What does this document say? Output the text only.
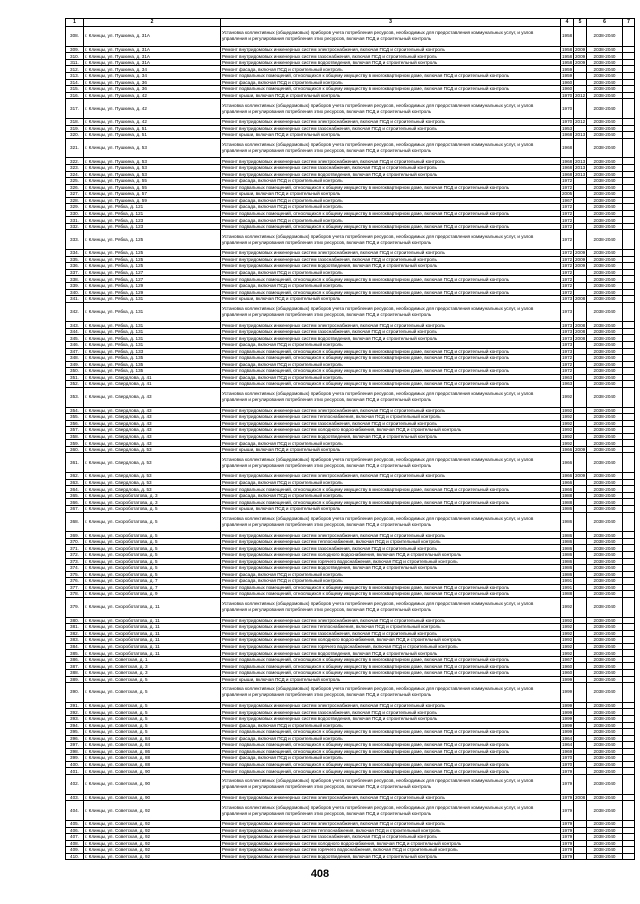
1	2	3	4	5	6	7
308.	г. Клинцы, ул. Пушкина, д. 31А	Установка коллективных (общедомовых) приборов учета потребления ресурсов, необходимых для предоставления коммунальных услуг, и узлов управления и регулирования потребления этих ресурсов, включая ПСД и строительный контроль	1958		2038-2040	
309.	г. Клинцы, ул. Пушкина, д. 31А	Ремонт внутридомовых инженерных систем электроснабжения, включая ПСД и строительный контроль	1958	2009	2038-2040	
310.	г. Клинцы, ул. Пушкина, д. 31А	Ремонт внутридомовых инженерных систем газоснабжения, включая ПСД и строительный контроль	1958	2009	2038-2040	
311.	г. Клинцы, ул. Пушкина, д. 31А	Ремонт внутридомовых инженерных систем водоотведения, включая ПСД и строительный контроль	1958	2009	2038-2040	
312.	г. Клинцы, ул. Пушкина, д. 34	Ремонт фасада, включая ПСД и строительный контроль	1959		2038-2040	
313.	г. Клинцы, ул. Пушкина, д. 34	Ремонт подвальных помещений, относящихся к общему имуществу в многоквартирном доме, включая ПСД и строительный контроль	1959		2038-2040	
314.	г. Клинцы, ул. Пушкина, д. 36	Ремонт фасада, включая ПСД и строительный контроль	1960		2038-2040	
315.	г. Клинцы, ул. Пушкина, д. 36	Ремонт подвальных помещений, относящихся к общему имуществу в многоквартирном доме, включая ПСД и строительный контроль	1960		2038-2040	
316.	г. Клинцы, ул. Пушкина, д. 42	Ремонт крыши, включая ПСД и строительный контроль	1970	2012	2038-2040	
317.	г. Клинцы, ул. Пушкина, д. 42	Установка коллективных (общедомовых) приборов учета потребления ресурсов, необходимых для предоставления коммунальных услуг, и узлов управления и регулирования потребления этих ресурсов, включая ПСД и строительный контроль	1970		2038-2040	
318.	г. Клинцы, ул. Пушкина, д. 42	Ремонт внутридомовых инженерных систем электроснабжения, включая ПСД и строительный контроль	1970	2012	2038-2040	
319.	г. Клинцы, ул. Пушкина, д. 51	Ремонт внутридомовых инженерных систем газоснабжения, включая ПСД и строительный контроль	1953		2038-2040	
320.	г. Клинцы, ул. Пушкина, д. 51	Ремонт крыши, включая ПСД и строительный контроль	1968	2013	2038-2040	
321.	г. Клинцы, ул. Пушкина, д. 53	Установка коллективных (общедомовых) приборов учета потребления ресурсов, необходимых для предоставления коммунальных услуг, и узлов управления и регулирования потребления этих ресурсов, включая ПСД и строительный контроль	1968		2038-2040	
322.	г. Клинцы, ул. Пушкина, д. 53	Ремонт внутридомовых инженерных систем электроснабжения, включая ПСД и строительный контроль	1968	2013	2038-2040	
323.	г. Клинцы, ул. Пушкина, д. 53	Ремонт внутридомовых инженерных систем газоснабжения, включая ПСД и строительный контроль	1968	2013	2038-2040	
324.	г. Клинцы, ул. Пушкина, д. 53	Ремонт внутридомовых инженерных систем водоотведения, включая ПСД и строительный контроль	1968	2013	2038-2040	
325.	г. Клинцы, ул. Пушкина, д. 55	Ремонт фасада, включая ПСД и строительный контроль	1972		2038-2040	
326.	г. Клинцы, ул. Пушкина, д. 55	Ремонт подвальных помещений, относящихся к общему имуществу в многоквартирном доме, включая ПСД и строительный контроль	1972		2038-2040	
327.	г. Клинцы, ул. Пушкина, д. 57	Ремонт крыши, включая ПСД и строительный контроль	2005		2038-2040	
328.	г. Клинцы, ул. Пушкина, д. 59	Ремонт фасада, включая ПСД и строительный контроль	1967		2038-2040	
329.	г. Клинцы, ул. Рябка, д. 121	Ремонт фасада, включая ПСД и строительный контроль	1972		2038-2040	
330.	г. Клинцы, ул. Рябка, д. 121	Ремонт подвальных помещений, относящихся к общему имуществу в многоквартирном доме, включая ПСД и строительный контроль	1972		2038-2040	
331.	г. Клинцы, ул. Рябка, д. 123	Ремонт фасада, включая ПСД и строительный контроль	1972		2038-2040	
332.	г. Клинцы, ул. Рябка, д. 123	Ремонт подвальных помещений, относящихся к общему имуществу в многоквартирном доме, включая ПСД и строительный контроль	1972		2038-2040	
333.	г. Клинцы, ул. Рябка, д. 125	Установка коллективных (общедомовых) приборов учета потребления ресурсов, необходимых для предоставления коммунальных услуг, и узлов управления и регулирования потребления этих ресурсов, включая ПСД и строительный контроль	1972		2038-2040	
334.	г. Клинцы, ул. Рябка, д. 125	Ремонт внутридомовых инженерных систем электроснабжения, включая ПСД и строительный контроль	1972	2009	2038-2040	
335.	г. Клинцы, ул. Рябка, д. 125	Ремонт внутридомовых инженерных систем газоснабжения, включая ПСД и строительный контроль	1972	2009	2038-2040	
336.	г. Клинцы, ул. Рябка, д. 125	Ремонт внутридомовых инженерных систем водоотведения, включая ПСД и строительный контроль	1972	2009	2038-2040	
337.	г. Клинцы, ул. Рябка, д. 127	Ремонт фасада, включая ПСД и строительный контроль	1972		2038-2040	
338.	г. Клинцы, ул. Рябка, д. 127	Ремонт подвальных помещений, относящихся к общему имуществу в многоквартирном доме, включая ПСД и строительный контроль	1972		2038-2040	
339.	г. Клинцы, ул. Рябка, д. 129	Ремонт фасада, включая ПСД и строительный контроль	1972		2038-2040	
340.	г. Клинцы, ул. Рябка, д. 129	Ремонт подвальных помещений, относящихся к общему имуществу в многоквартирном доме, включая ПСД и строительный контроль	1972		2038-2040	
341.	г. Клинцы, ул. Рябка, д. 131	Ремонт крыши, включая ПСД и строительный контроль	1973	2008	2038-2040	
342.	г. Клинцы, ул. Рябка, д. 131	Установка коллективных (общедомовых) приборов учета потребления ресурсов, необходимых для предоставления коммунальных услуг, и узлов управления и регулирования потребления этих ресурсов, включая ПСД и строительный контроль	1973		2038-2040	
343.	г. Клинцы, ул. Рябка, д. 131	Ремонт внутридомовых инженерных систем электроснабжения, включая ПСД и строительный контроль	1973	2008	2038-2040	
344.	г. Клинцы, ул. Рябка, д. 131	Ремонт внутридомовых инженерных систем газоснабжения, включая ПСД и строительный контроль	1973	2008	2038-2040	
345.	г. Клинцы, ул. Рябка, д. 131	Ремонт внутридомовых инженерных систем водоотведения, включая ПСД и строительный контроль	1973	2008	2038-2040	
346.	г. Клинцы, ул. Рябка, д. 131	Ремонт фасада, включая ПСД и строительный контроль	1973		2038-2040	
347.	г. Клинцы, ул. Рябка, д. 133	Ремонт подвальных помещений, относящихся к общему имуществу в многоквартирном доме, включая ПСД и строительный контроль	1973		2038-2040	
348.	г. Клинцы, ул. Рябка, д. 135	Ремонт подвальных помещений, относящихся к общему имуществу в многоквартирном доме, включая ПСД и строительный контроль	1972		2038-2040	
349.	г. Клинцы, ул. Рябка, д. 135	Ремонт фасада, включая ПСД и строительный контроль	1972		2038-2040	
350.	г. Клинцы, ул. Рябка, д. 135	Ремонт подвальных помещений, относящихся к общему имуществу в многоквартирном доме, включая ПСД и строительный контроль	1972		2038-2040	
351.	г. Клинцы, ул. Свердлова, д. 41	Ремонт фасада, включая ПСД и строительный контроль	1963		2038-2040	
352.	г. Клинцы, ул. Свердлова, д. 41	Ремонт подвальных помещений, относящихся к общему имуществу в многоквартирном доме, включая ПСД и строительный контроль	1963		2038-2040	
353.	г. Клинцы, ул. Свердлова, д. 43	Установка коллективных (общедомовых) приборов учета потребления ресурсов, необходимых для предоставления коммунальных услуг, и узлов управления и регулирования потребления этих ресурсов, включая ПСД и строительный контроль	1992		2038-2040	
354.	г. Клинцы, ул. Свердлова, д. 43	Ремонт внутридомовых инженерных систем электроснабжения, включая ПСД и строительный контроль	1992		2038-2040	
355.	г. Клинцы, ул. Свердлова, д. 43	Ремонт внутридомовых инженерных систем теплоснабжения, включая ПСД и строительный контроль	1992		2038-2040	
356.	г. Клинцы, ул. Свердлова, д. 43	Ремонт внутридомовых инженерных систем газоснабжения, включая ПСД и строительный контроль	1992		2038-2040	
357.	г. Клинцы, ул. Свердлова, д. 43	Ремонт внутридомовых инженерных систем холодного водоснабжения, включая ПСД и строительный контроль	1992		2038-2040	
358.	г. Клинцы, ул. Свердлова, д. 43	Ремонт внутридомовых инженерных систем водоотведения, включая ПСД и строительный контроль	1992		2038-2040	
359.	г. Клинцы, ул. Свердлова, д. 43	Ремонт фасада, включая ПСД и строительный контроль	1992		2038-2040	
360.	г. Клинцы, ул. Свердлова, д. 53	Ремонт крыши, включая ПСД и строительный контроль	1966	2009	2038-2040	
361.	г. Клинцы, ул. Свердлова, д. 53	Установка коллективных (общедомовых) приборов учета потребления ресурсов, необходимых для предоставления коммунальных услуг, и узлов управления и регулирования потребления этих ресурсов, включая ПСД и строительный контроль	1966		2038-2040	
362.	г. Клинцы, ул. Свердлова, д. 53	Ремонт внутридомовых инженерных систем электроснабжения, включая ПСД и строительный контроль	1966	2009	2038-2040	
363.	г. Клинцы, ул. Свердлова, д. 53	Ремонт фасада, включая ПСД и строительный контроль	1966		2038-2040	
364.	г. Клинцы, ул. Свердлова, д. 53	Ремонт подвальных помещений, относящихся к общему имуществу в многоквартирном доме, включая ПСД и строительный контроль	1966		2038-2040	
365.	г. Клинцы, ул. Скороботатова, д. 3	Ремонт фасада, включая ПСД и строительный контроль	1988		2038-2040	
366.	г. Клинцы, ул. Скороботатова, д. 3	Ремонт подвальных помещений, относящихся к общему имуществу в многоквартирном доме, включая ПСД и строительный контроль	1988		2038-2040	
367.	г. Клинцы, ул. Скороботатова, д. 5	Ремонт крыши, включая ПСД и строительный контроль	1986		2038-2040	
368.	г. Клинцы, ул. Скороботатова, д. 5	Установка коллективных (общедомовых) приборов учета потребления ресурсов, необходимых для предоставления коммунальных услуг, и узлов управления и регулирования потребления этих ресурсов, включая ПСД и строительный контроль	1986		2038-2040	
369.	г. Клинцы, ул. Скороботатова, д. 5	Ремонт внутридомовых инженерных систем электроснабжения, включая ПСД и строительный контроль	1986		2038-2040	
370.	г. Клинцы, ул. Скороботатова, д. 5	Ремонт внутридомовых инженерных систем теплоснабжения, включая ПСД и строительный контроль	1986		2038-2040	
371.	г. Клинцы, ул. Скороботатова, д. 5	Ремонт внутридомовых инженерных систем газоснабжения, включая ПСД и строительный контроль	1986		2038-2040	
372.	г. Клинцы, ул. Скороботатова, д. 5	Ремонт внутридомовых инженерных систем холодного водоснабжения, включая ПСД и строительный контроль	1986		2038-2040	
373.	г. Клинцы, ул. Скороботатова, д. 5	Ремонт внутридомовых инженерных систем горячего водоснабжения, включая ПСД и строительный контроль	1986		2038-2040	
374.	г. Клинцы, ул. Скороботатова, д. 5	Ремонт внутридомовых инженерных систем водоотведения, включая ПСД и строительный контроль	1986		2038-2040	
375.	г. Клинцы, ул. Скороботатова, д. 5	Ремонт фасада, включая ПСД и строительный контроль	1986		2038-2040	
376.	г. Клинцы, ул. Скороботатова, д. 7	Ремонт фасада, включая ПСД и строительный контроль	1991		2038-2040	
377.	г. Клинцы, ул. Скороботатова, д. 7	Ремонт подвальных помещений, относящихся к общему имуществу в многоквартирном доме, включая ПСД и строительный контроль	1991		2038-2040	
378.	г. Клинцы, ул. Скороботатова, д. 9	Ремонт подвальных помещений, относящихся к общему имуществу в многоквартирном доме, включая ПСД и строительный контроль	1988		2038-2040	
379.	г. Клинцы, ул. Скороботатова, д. 11	Установка коллективных (общедомовых) приборов учета потребления ресурсов, необходимых для предоставления коммунальных услуг, и узлов управления и регулирования потребления этих ресурсов, включая ПСД и строительный контроль	1992		2038-2040	
380.	г. Клинцы, ул. Скороботатова, д. 11	Ремонт внутридомовых инженерных систем электроснабжения, включая ПСД и строительный контроль	1992		2038-2040	
381.	г. Клинцы, ул. Скороботатова, д. 11	Ремонт внутридомовых инженерных систем теплоснабжения, включая ПСД и строительный контроль	1992		2038-2040	
382.	г. Клинцы, ул. Скороботатова, д. 11	Ремонт внутридомовых инженерных систем газоснабжения, включая ПСД и строительный контроль	1992		2038-2040	
383.	г. Клинцы, ул. Скороботатова, д. 11	Ремонт внутридомовых инженерных систем холодного водоснабжения, включая ПСД и строительный контроль	1992		2038-2040	
384.	г. Клинцы, ул. Скороботатова, д. 11	Ремонт внутридомовых инженерных систем горячего водоснабжения, включая ПСД и строительный контроль	1992		2038-2040	
385.	г. Клинцы, ул. Скороботатова, д. 11	Ремонт внутридомовых инженерных систем водоотведения, включая ПСД и строительный контроль	1992		2038-2040	
386.	г. Клинцы, ул. Советская, д. 1	Ремонт подвальных помещений, относящихся к общему имуществу в многоквартирном доме, включая ПСД и строительный контроль	1967		2038-2040	
387.	г. Клинцы, ул. Советская, д. 3	Ремонт подвальных помещений, относящихся к общему имуществу в многоквартирном доме, включая ПСД и строительный контроль	1960		2038-2040	
388.	г. Клинцы, ул. Советская, д. 3	Ремонт подвальных помещений, относящихся к общему имуществу в многоквартирном доме, включая ПСД и строительный контроль	1960		2038-2040	
389.	г. Клинцы, ул. Советская, д. 5	Ремонт крыши, включая ПСД и строительный контроль	1999		2038-2040	
390.	г. Клинцы, ул. Советская, д. 5	Установка коллективных (общедомовых) приборов учета потребления ресурсов, необходимых для предоставления коммунальных услуг, и узлов управления и регулирования потребления этих ресурсов, включая ПСД и строительный контроль	1999		2038-2040	
391.	г. Клинцы, ул. Советская, д. 5	Ремонт внутридомовых инженерных систем электроснабжения, включая ПСД и строительный контроль	1999		2038-2040	
392.	г. Клинцы, ул. Советская, д. 5	Ремонт внутридомовых инженерных систем газоснабжения, включая ПСД и строительный контроль	1999		2038-2040	
393.	г. Клинцы, ул. Советская, д. 5	Ремонт внутридомовых инженерных систем водоотведения, включая ПСД и строительный контроль	1999		2038-2040	
394.	г. Клинцы, ул. Советская, д. 5	Ремонт фасада, включая ПСД и строительный контроль	1999		2038-2040	
395.	г. Клинцы, ул. Советская, д. 5	Ремонт подвальных помещений, относящихся к общему имуществу в многоквартирном доме, включая ПСД и строительный контроль	1999		2038-2040	
396.	г. Клинцы, ул. Советская, д. 84	Ремонт фасада, включая ПСД и строительный контроль	1964		2038-2040	
397.	г. Клинцы, ул. Советская, д. 84	Ремонт подвальных помещений, относящихся к общему имуществу в многоквартирном доме, включая ПСД и строительный контроль	1964		2038-2040	
398.	г. Клинцы, ул. Советская, д. 86	Ремонт подвальных помещений, относящихся к общему имуществу в многоквартирном доме, включая ПСД и строительный контроль	1969		2038-2040	
399.	г. Клинцы, ул. Советская, д. 88	Ремонт фасада, включая ПСД и строительный контроль	1970		2038-2040	
400.	г. Клинцы, ул. Советская, д. 88	Ремонт подвальных помещений, относящихся к общему имуществу в многоквартирном доме, включая ПСД и строительный контроль	1970		2038-2040	
401.	г. Клинцы, ул. Советская, д. 90	Ремонт подвальных помещений, относящихся к общему имуществу в многоквартирном доме, включая ПСД и строительный контроль	1979		2038-2040	
402.	г. Клинцы, ул. Советская, д. 90	Установка коллективных (общедомовых) приборов учета потребления ресурсов, необходимых для предоставления коммунальных услуг, и узлов управления и регулирования потребления этих ресурсов, включая ПСД и строительный контроль	1979		2038-2040	
403.	г. Клинцы, ул. Советская, д. 90	Ремонт внутридомовых инженерных систем электроснабжения, включая ПСД и строительный контроль	1979	2008	2038-2040	
404.	г. Клинцы, ул. Советская, д. 92	Установка коллективных (общедомовых) приборов учета потребления ресурсов, необходимых для предоставления коммунальных услуг, и узлов управления и регулирования потребления этих ресурсов, включая ПСД и строительный контроль	1979		2038-2040	
405.	г. Клинцы, ул. Советская, д. 92	Ремонт внутридомовых инженерных систем электроснабжения, включая ПСД и строительный контроль	1979		2038-2040	
406.	г. Клинцы, ул. Советская, д. 92	Ремонт внутридомовых инженерных систем теплоснабжения, включая ПСД и строительный контроль	1979		2038-2040	
407.	г. Клинцы, ул. Советская, д. 92	Ремонт внутридомовых инженерных систем газоснабжения, включая ПСД и строительный контроль	1979		2038-2040	
408.	г. Клинцы, ул. Советская, д. 92	Ремонт внутридомовых инженерных систем холодного водоснабжения, включая ПСД и строительный контроль	1979		2038-2040	
409.	г. Клинцы, ул. Советская, д. 92	Ремонт внутридомовых инженерных систем горячего водоснабжения, включая ПСД и строительный контроль	1979		2038-2040	
410.	г. Клинцы, ул. Советская, д. 92	Ремонт внутридомовых инженерных систем водоотведения, включая ПСД и строительный контроль	1979		2038-2040	
408
